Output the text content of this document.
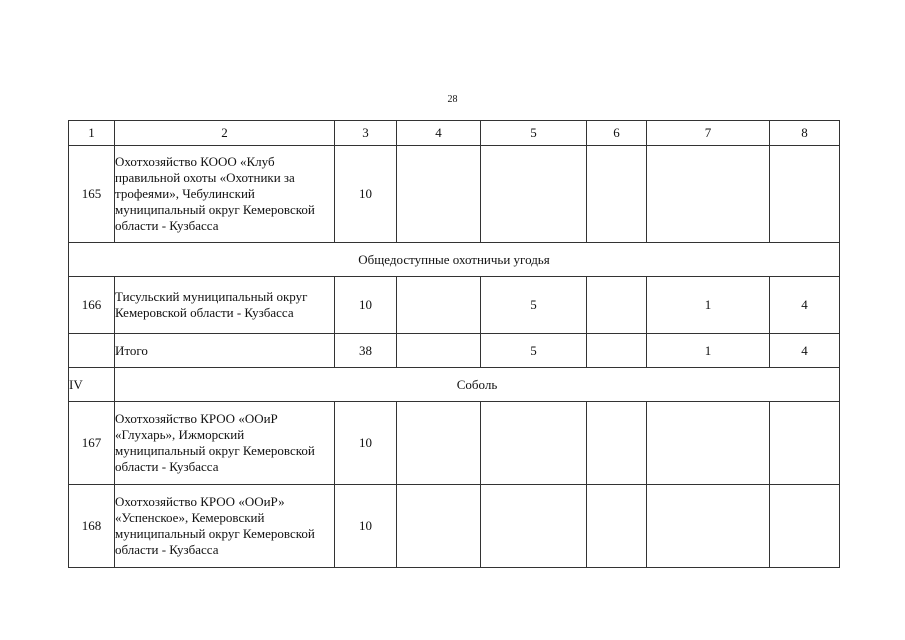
28
1	2	3	4	5	6	7	8
165	Охотхозяйство КООО «Клуб правильной охоты «Охотники за трофеями», Чебулинский муниципальный округ Кемеровской области - Кузбасса	10					
Общедоступные охотничьи угодья							
166	Тисульский муниципальный округ Кемеровской области - Кузбасса	10		5		1	4
	Итого	38		5		1	4
IV	Соболь						
167	Охотхозяйство КРОО «ООиР «Глухарь», Ижморский муниципальный округ Кемеровской области - Кузбасса	10					
168	Охотхозяйство КРОО «ООиР» «Успенское», Кемеровский муниципальный округ Кемеровской области - Кузбасса	10					
